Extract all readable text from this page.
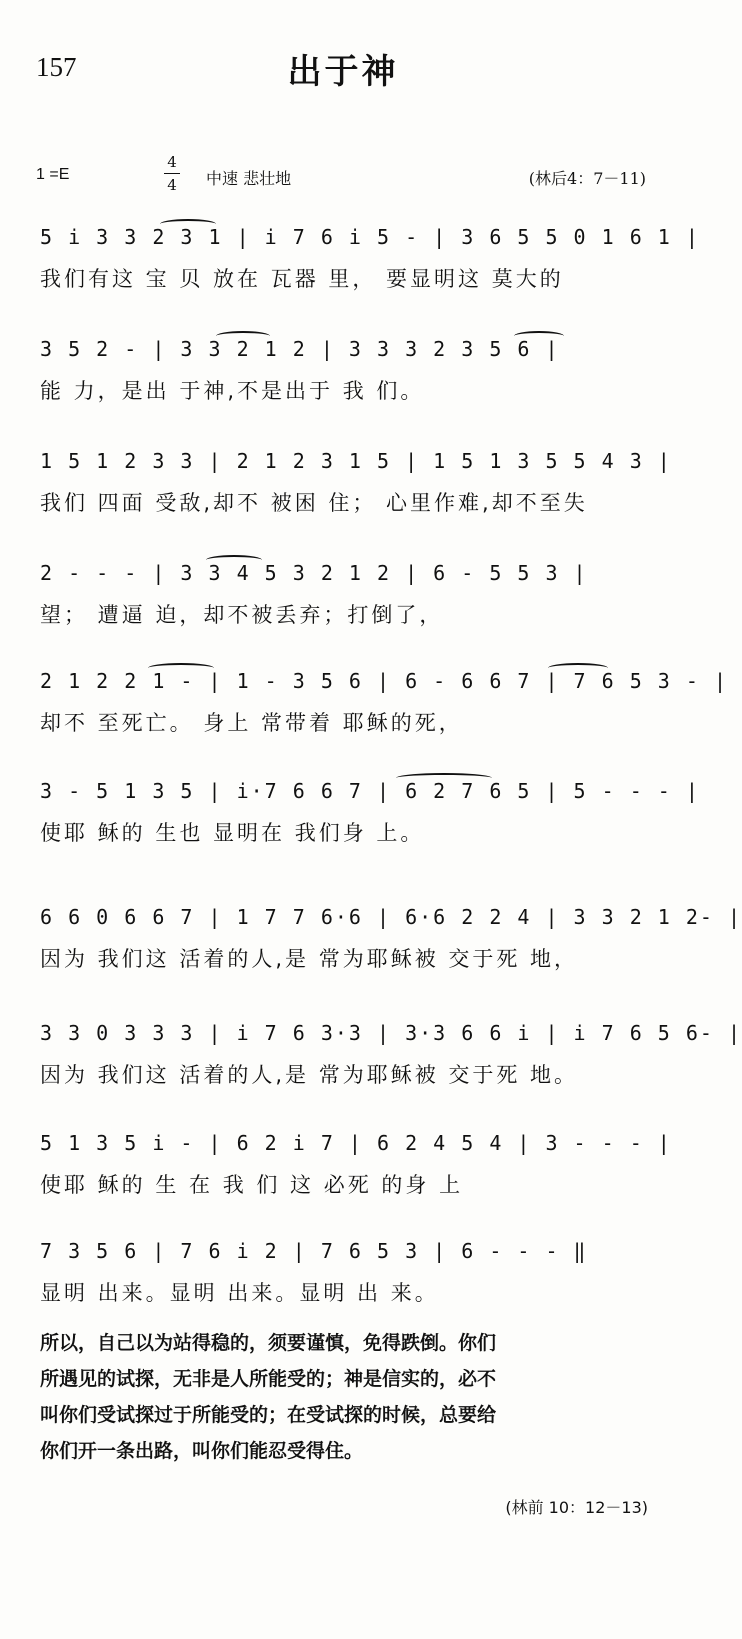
157	出于神
1 =E
4
4	中速 悲壮地	(林后4：7－11)
5 i 3 3 2 3 1 | i 7 6 i 5 - | 3 6 5 5 0 1 6 1 |
我们有这 宝 贝 放在 瓦器 里， 要显明这 莫大的
3 5 2 - | 3 3 2 1 2 | 3 3 3 2 3 5 6 |
能 力，是出 于神,不是出于 我 们。
1 5 1 2 3 3 | 2 1 2 3 1 5 | 1 5 1 3 5 5 4 3 |
我们 四面 受敌,却不 被困 住； 心里作难,却不至失
2 - - - | 3 3 4 5 3 2 1 2 | 6 - 5 5 3 |
望； 遭逼 迫，却不被丢弃；打倒了，
2 1 2 2 1 - | 1 - 3 5 6 | 6 - 6 6 7 | 7 6 5 3 - |
却不 至死亡。 身上 常带着 耶稣的死，
3 - 5 1 3 5 | i·7 6 6 7 | 6 2 7 6 5 | 5 - - - |
使耶 稣的 生也 显明在 我们身 上。
6 6 0 6 6 7 | 1 7 7 6·6 | 6·6 2 2 4 | 3 3 2 1 2- |
因为 我们这 活着的人,是 常为耶稣被 交于死 地，
3 3 0 3 3 3 | i 7 6 3·3 | 3·3 6 6 i | i 7 6 5 6- |
因为 我们这 活着的人,是 常为耶稣被 交于死 地。
5 1 3 5 i - | 6 2 i 7 | 6 2 4 5 4 | 3 - - - |
使耶 稣的 生 在 我 们 这 必死 的身 上
7 3 5 6 | 7 6 i 2 | 7 6 5 3 | 6 - - - ‖
显明 出来。显明 出来。显明 出 来。
所以，自己以为站得稳的，须要谨慎，免得跌倒。你们
所遇见的试探，无非是人所能受的；神是信实的，必不
叫你们受试探过于所能受的；在受试探的时候，总要给
你们开一条出路，叫你们能忍受得住。
(林前 10：12－13)
